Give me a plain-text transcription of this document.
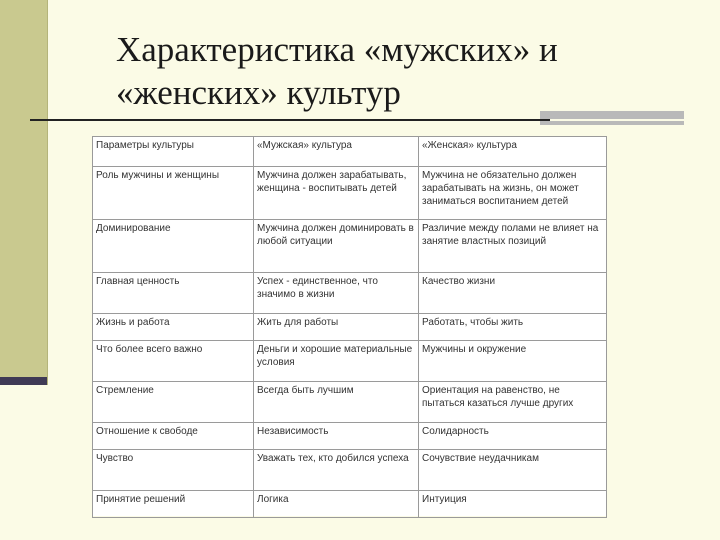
Характеристика «мужских» и
«женских» культур
Параметры культуры	«Мужская» культура	«Женская» культура
Роль мужчины и женщины	Мужчина должен зарабатывать, женщина - воспитывать детей	Мужчина не обязательно должен зарабатывать на жизнь, он может заниматься воспитанием детей
Доминирование	Мужчина должен доминировать в любой ситуации	Различие между полами не влияет на занятие властных позиций
Главная ценность	Успех - единственное, что значимо в жизни	Качество жизни
Жизнь и работа	Жить для работы	Работать, чтобы жить
Что более всего важно	Деньги и хорошие материальные условия	Мужчины и окружение
Стремление	Всегда быть лучшим	Ориентация на равенство, не пытаться казаться лучше других
Отношение к свободе	Независимость	Солидарность
Чувство	Уважать тех, кто добился успеха	Сочувствие неудачникам
Принятие решений	Логика	Интуиция
